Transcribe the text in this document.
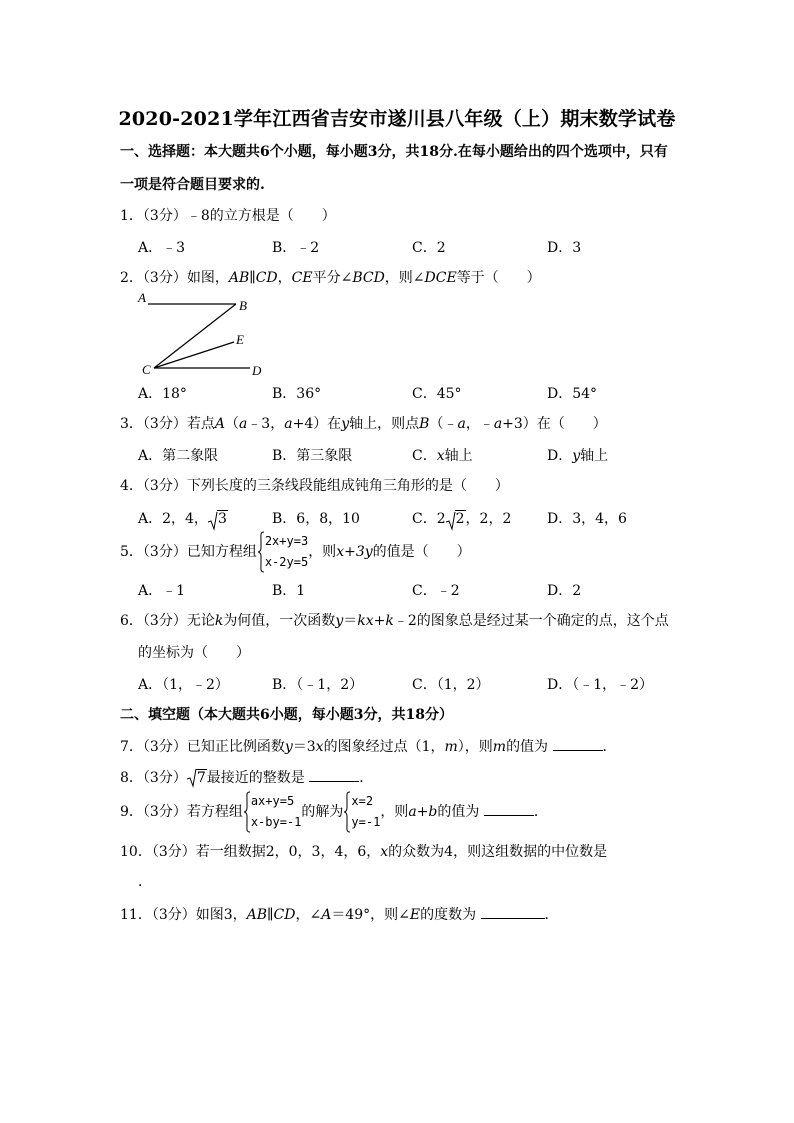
2020-2021学年江西省吉安市遂川县八年级（上）期末数学试卷
一、选择题：本大题共6个小题，每小题3分，共18分.在每小题给出的四个选项中，只有
一项是符合题目要求的.
1．（3分）﹣8的立方根是（　　）
A．﹣3	B．﹣2	C．2	D．3
2．（3分）如图，AB∥CD，CE平分∠BCD，则∠DCE等于（　　）
A
B
C
E
D
A．18°	B．36°	C．45°	D．54°
3．（3分）若点A（a﹣3，a+4）在y轴上，则点B（﹣a，﹣a+3）在（　　）
A．第二象限	B．第三象限	C．x轴上	D．y轴上
4．（3分）下列长度的三条线段能组成钝角三角形的是（　　）
A．2，4， 3	B．6，8，10	C．2 2，2，2	D．3，4，6
5．（3分）已知方程组
2x+y=3
x-2y=5
，则x+3y的值是（　　）
A．﹣1	B．1	C．﹣2	D．2
6．（3分）无论k为何值，一次函数y＝kx+k﹣2的图象总是经过某一个确定的点，这个点
的坐标为（　　）
A．（1，﹣2）	B．（﹣1，2）	C．（1，2）	D．（﹣1，﹣2）
二、填空题（本大题共6小题，每小题3分，共18分）
7．（3分）已知正比例函数y＝3x的图象经过点（1，m），则m的值为	．
8．（3分） 7最接近的整数是	．
9．（3分）若方程组
ax+y=5
x-by=-1
的解为
x=2
y=-1
，则a+b的值为	．
10．（3分）若一组数据2，0，3，4，6，x的众数为4，则这组数据的中位数是
．
11．（3分）如图3，AB∥CD，∠A＝49°，则∠E的度数为	．
